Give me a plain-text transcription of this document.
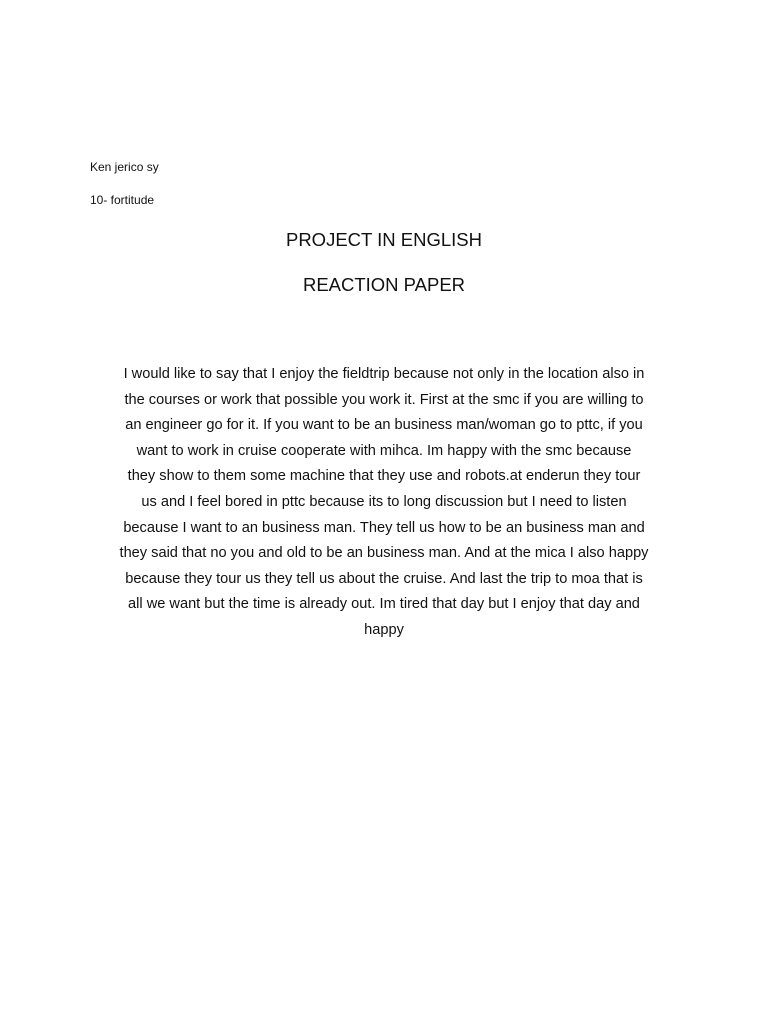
Ken jerico sy
10- fortitude
PROJECT IN ENGLISH
REACTION PAPER

I would like to say that I enjoy the fieldtrip because not only in the location also in
the courses or work that possible you work it. First at the smc if you are willing to
an engineer go for it. If you want to be an business man/woman go to pttc, if you
want to work in cruise cooperate with mihca. Im happy with the smc because
they show to them some machine that they use and robots.at enderun they tour
us and I feel bored in pttc because its to long discussion but I need to listen
because I want to an business man. They tell us how to be an business man and
they said that no you and old to be an business man. And at the mica I also happy
because they tour us they tell us about the cruise. And last the trip to moa that is
all we want but the time is already out. Im tired that day but I enjoy that day and
happy
